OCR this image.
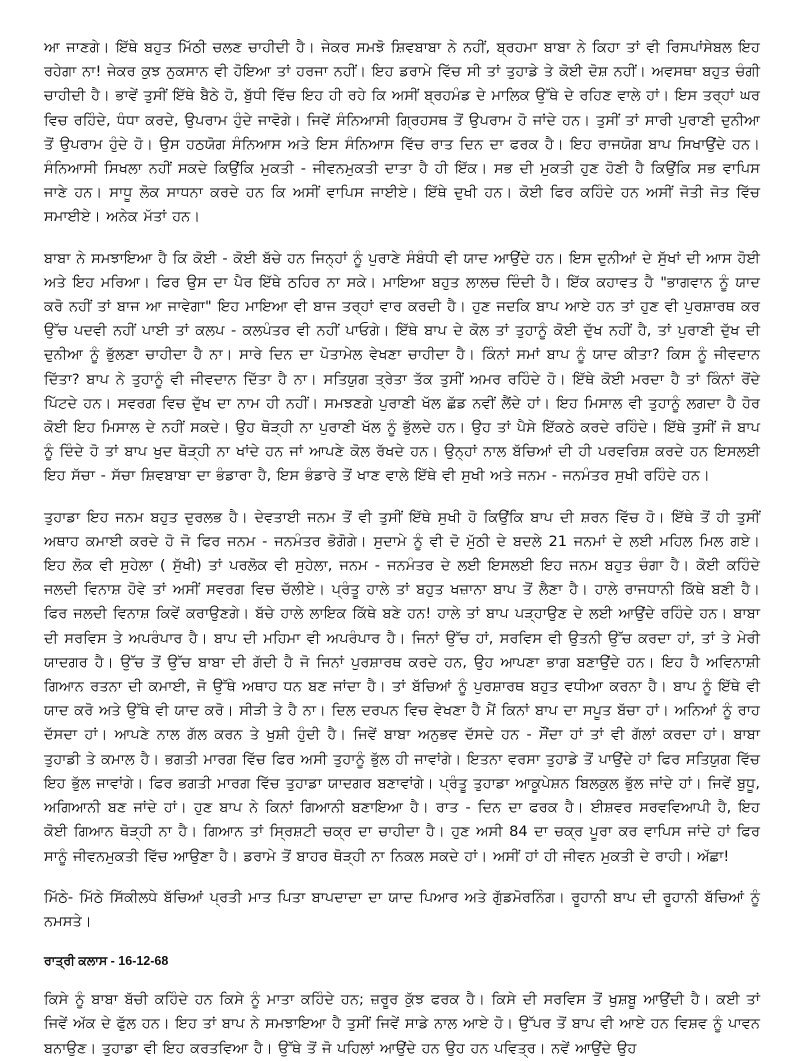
ਆ ਜਾਣਗੇ। ਇੱਥੇ ਬਹੁਤ ਮਿੱਠੀ ਚਲਣ ਚਾਹੀਦੀ ਹੈ। ਜੇਕਰ ਸਮਝੋ ਸ਼ਿਵਬਾਬਾ ਨੇ ਨਹੀਂ, ਬ੍ਰਹਮਾ ਬਾਬਾ ਨੇ ਕਿਹਾ ਤਾਂ ਵੀ ਰਿਸਪਾਂਸੇਬਲ ਇਹ ਰਹੇਗਾ ਨਾ! ਜੇਕਰ ਕੁਝ ਨੁਕਸਾਨ ਵੀ ਹੋਇਆ ਤਾਂ ਹਰਜਾ ਨਹੀਂ। ਇਹ ਡਰਾਮੇ ਵਿੱਚ ਸੀ ਤਾਂ ਤੁਹਾਡੇ ਤੇ ਕੋਈ ਦੋਸ਼ ਨਹੀਂ। ਅਵਸਥਾ ਬਹੁਤ ਚੰਗੀ ਚਾਹੀਦੀ ਹੈ। ਭਾਵੇਂ ਤੁਸੀਂ ਇੱਥੇ ਬੈਠੇ ਹੋ, ਬੁੱਧੀ ਵਿੱਚ ਇਹ ਹੀ ਰਹੇ ਕਿ ਅਸੀਂ ਬ੍ਰਹਮੰਡ ਦੇ ਮਾਲਿਕ ਉੱਥੇ ਦੇ ਰਹਿਣ ਵਾਲੇ ਹਾਂ। ਇਸ ਤਰ੍ਹਾਂ ਘਰ ਵਿਚ ਰਹਿੰਦੇ, ਧੰਧਾ ਕਰਦੇ, ਉਪਰਾਮ ਹੁੰਦੇ ਜਾਵੋਗੇ। ਜਿਵੇਂ ਸੰਨਿਆਸੀ ਗ੍ਰਿਹਸਥ ਤੋਂ ਉਪਰਾਮ ਹੋ ਜਾਂਦੇ ਹਨ। ਤੁਸੀਂ ਤਾਂ ਸਾਰੀ ਪੁਰਾਣੀ ਦੁਨੀਆ ਤੋਂ ਉਪਰਾਮ ਹੁੰਦੇ ਹੋ। ਉਸ ਹਠਯੋਗ ਸੰਨਿਆਸ ਅਤੇ ਇਸ ਸੰਨਿਆਸ ਵਿੱਚ ਰਾਤ ਦਿਨ ਦਾ ਫਰਕ ਹੈ। ਇਹ ਰਾਜਯੋਗ ਬਾਪ ਸਿਖਾਉਂਦੇ ਹਨ। ਸੰਨਿਆਸੀ ਸਿਖਲਾ ਨਹੀਂ ਸਕਦੇ ਕਿਉਂਕਿ ਮੁਕਤੀ - ਜੀਵਨਮੁਕਤੀ ਦਾਤਾ ਹੈ ਹੀ ਇੱਕ। ਸਭ ਦੀ ਮੁਕਤੀ ਹੁਣ ਹੋਣੀ ਹੈ ਕਿਉਂਕਿ ਸਭ ਵਾਪਿਸ ਜਾਣੇ ਹਨ। ਸਾਧੂ ਲੋਕ ਸਾਧਨਾ ਕਰਦੇ ਹਨ ਕਿ ਅਸੀਂ ਵਾਪਿਸ ਜਾਈਏ। ਇੱਥੇ ਦੁਖੀ ਹਨ। ਕੋਈ ਫਿਰ ਕਹਿੰਦੇ ਹਨ ਅਸੀਂ ਜੋਤੀ ਜੋਤ ਵਿੱਚ ਸਮਾਈਏ। ਅਨੇਕ ਮੱਤਾਂ ਹਨ।

ਬਾਬਾ ਨੇ ਸਮਝਾਇਆ ਹੈ ਕਿ ਕੋਈ - ਕੋਈ ਬੱਚੇ ਹਨ ਜਿਨ੍ਹਾਂ ਨੂੰ ਪੁਰਾਣੇ ਸੰਬੰਧੀ ਵੀ ਯਾਦ ਆਉਂਦੇ ਹਨ। ਇਸ ਦੁਨੀਆਂ ਦੇ ਸੁੱਖਾਂ ਦੀ ਆਸ ਹੋਈ ਅਤੇ ਇਹ ਮਰਿਆ। ਫਿਰ ਉਸ ਦਾ ਪੈਰ ਇੱਥੇ ਠਹਿਰ ਨਾ ਸਕੇ। ਮਾਇਆ ਬਹੁਤ ਲਾਲਚ ਦਿੰਦੀ ਹੈ। ਇੱਕ ਕਹਾਵਤ ਹੈ "ਭਾਗਵਾਨ ਨੂੰ ਯਾਦ ਕਰੋ ਨਹੀਂ ਤਾਂ ਬਾਜ ਆ ਜਾਵੇਗਾ" ਇਹ ਮਾਇਆ ਵੀ ਬਾਜ ਤਰ੍ਹਾਂ ਵਾਰ ਕਰਦੀ ਹੈ। ਹੁਣ ਜਦਕਿ ਬਾਪ ਆਏ ਹਨ ਤਾਂ ਹੁਣ ਵੀ ਪੁਰਸ਼ਾਰਥ ਕਰ ਉੱਚ ਪਦਵੀ ਨਹੀਂ ਪਾਈ ਤਾਂ ਕਲਪ - ਕਲਪੰਤਰ ਵੀ ਨਹੀਂ ਪਾਓਗੇ। ਇੱਥੇ ਬਾਪ ਦੇ ਕੋਲ ਤਾਂ ਤੁਹਾਨੂੰ ਕੋਈ ਦੁੱਖ ਨਹੀਂ ਹੈ, ਤਾਂ ਪੁਰਾਣੀ ਦੁੱਖ ਦੀ ਦੁਨੀਆ ਨੂੰ ਭੁੱਲਣਾ ਚਾਹੀਦਾ ਹੈ ਨਾ। ਸਾਰੇ ਦਿਨ ਦਾ ਪੋਤਾਮੇਲ ਵੇਖਣਾ ਚਾਹੀਦਾ ਹੈ। ਕਿੰਨਾਂ ਸਮਾਂ ਬਾਪ ਨੂੰ ਯਾਦ ਕੀਤਾ? ਕਿਸ ਨੂੰ ਜੀਵਦਾਨ ਦਿੱਤਾ? ਬਾਪ ਨੇ ਤੁਹਾਨੂੰ ਵੀ ਜੀਵਦਾਨ ਦਿੱਤਾ ਹੈ ਨਾ। ਸਤਿਯੁਗ ਤ੍ਰੇਤਾ ਤੱਕ ਤੁਸੀਂ ਅਮਰ ਰਹਿੰਦੇ ਹੋ। ਇੱਥੇ ਕੋਈ ਮਰਦਾ ਹੈ ਤਾਂ ਕਿੰਨਾਂ ਰੋਂਦੇ ਪਿੱਟਦੇ ਹਨ। ਸਵਰਗ ਵਿਚ ਦੁੱਖ ਦਾ ਨਾਮ ਹੀ ਨਹੀਂ। ਸਮਝਣਗੇ ਪੁਰਾਣੀ ਖੱਲ ਛੱਡ ਨਵੀਂ ਲੈਂਦੇ ਹਾਂ। ਇਹ ਮਿਸਾਲ ਵੀ ਤੁਹਾਨੂੰ ਲਗਦਾ ਹੈ ਹੋਰ ਕੋਈ ਇਹ ਮਿਸਾਲ ਦੇ ਨਹੀਂ ਸਕਦੇ। ਉਹ ਥੋੜ੍ਹੀ ਨਾ ਪੁਰਾਣੀ ਖੱਲ ਨੂੰ ਭੁੱਲਦੇ ਹਨ। ਉਹ ਤਾਂ ਪੈਸੇ ਇੱਕਠੇ ਕਰਦੇ ਰਹਿੰਦੇ। ਇੱਥੇ ਤੁਸੀਂ ਜੋ ਬਾਪ ਨੂੰ ਦਿੰਦੇ ਹੋ ਤਾਂ ਬਾਪ ਖੁਦ ਥੋੜ੍ਹੀ ਨਾ ਖਾਂਦੇ ਹਨ ਜਾਂ ਆਪਣੇ ਕੋਲ ਰੱਖਦੇ ਹਨ। ਉਨ੍ਹਾਂ ਨਾਲ ਬੱਚਿਆਂ ਦੀ ਹੀ ਪਰਵਰਿਸ਼ ਕਰਦੇ ਹਨ ਇਸਲਈ ਇਹ ਸੱਚਾ - ਸੱਚਾ ਸ਼ਿਵਬਾਬਾ ਦਾ ਭੰਡਾਰਾ ਹੈ, ਇਸ ਭੰਡਾਰੇ ਤੋਂ ਖਾਣ ਵਾਲੇ ਇੱਥੇ ਵੀ ਸੁਖੀ ਅਤੇ ਜਨਮ - ਜਨਮੰਤਰ ਸੁਖੀ ਰਹਿੰਦੇ ਹਨ।

ਤੁਹਾਡਾ ਇਹ ਜਨਮ ਬਹੁਤ ਦੁਰਲਭ ਹੈ। ਦੇਵਤਾਈ ਜਨਮ ਤੋਂ ਵੀ ਤੁਸੀਂ ਇੱਥੇ ਸੁਖੀ ਹੋ ਕਿਉਂਕਿ ਬਾਪ ਦੀ ਸ਼ਰਨ ਵਿੱਚ ਹੋ। ਇੱਥੇ ਤੋਂ ਹੀ ਤੁਸੀਂ ਅਥਾਹ ਕਮਾਈ ਕਰਦੇ ਹੋ ਜੋ ਫਿਰ ਜਨਮ - ਜਨਮੰਤਰ ਭੋਗੋਗੇ। ਸੁਦਾਮੇ ਨੂੰ ਵੀ ਦੋ ਮੁੱਠੀ ਦੇ ਬਦਲੇ 21 ਜਨਮਾਂ ਦੇ ਲਈ ਮਹਿਲ ਮਿਲ ਗਏ। ਇਹ ਲੋਕ ਵੀ ਸੁਹੇਲਾ ( ਸੁੱਖੀ) ਤਾਂ ਪਰਲੋਕ ਵੀ ਸੁਹੇਲਾ, ਜਨਮ - ਜਨਮੰਤਰ ਦੇ ਲਈ ਇਸਲਈ ਇਹ ਜਨਮ ਬਹੁਤ ਚੰਗਾ ਹੈ। ਕੋਈ ਕਹਿੰਦੇ ਜਲਦੀ ਵਿਨਾਸ਼ ਹੋਵੇ ਤਾਂ ਅਸੀਂ ਸਵਰਗ ਵਿਚ ਚੱਲੀਏ। ਪ੍ਰੰਤੂ ਹਾਲੇ ਤਾਂ ਬਹੁਤ ਖਜ਼ਾਨਾ ਬਾਪ ਤੋਂ ਲੈਣਾ ਹੈ। ਹਾਲੇ ਰਾਜਧਾਨੀ ਕਿੱਥੇ ਬਣੀ ਹੈ। ਫਿਰ ਜਲਦੀ ਵਿਨਾਸ਼ ਕਿਵੇਂ ਕਰਾਉਣਗੇ। ਬੱਚੇ ਹਾਲੇ ਲਾਇਕ ਕਿੱਥੇ ਬਣੇ ਹਨ! ਹਾਲੇ ਤਾਂ ਬਾਪ ਪੜ੍ਹਾਉਣ ਦੇ ਲਈ ਆਉਂਦੇ ਰਹਿੰਦੇ ਹਨ। ਬਾਬਾ ਦੀ ਸਰਵਿਸ ਤੇ ਅਪਰੰਪਾਰ ਹੈ। ਬਾਪ ਦੀ ਮਹਿਮਾ ਵੀ ਅਪਰੰਪਾਰ ਹੈ। ਜਿਨਾਂ ਉੱਚ ਹਾਂ, ਸਰਵਿਸ ਵੀ ਉਤਨੀ ਉੱਚ ਕਰਦਾ ਹਾਂ, ਤਾਂ ਤੇ ਮੇਰੀ ਯਾਦਗਰ ਹੈ। ਉੱਚ ਤੋਂ ਉੱਚ ਬਾਬਾ ਦੀ ਗੱਦੀ ਹੈ ਜੋ ਜਿਨਾਂ ਪੁਰਸ਼ਾਰਥ ਕਰਦੇ ਹਨ, ਉਹ ਆਪਣਾ ਭਾਗ ਬਣਾਉਂਦੇ ਹਨ। ਇਹ ਹੈ ਅਵਿਨਾਸ਼ੀ ਗਿਆਨ ਰਤਨਾ ਦੀ ਕਮਾਈ, ਜੋ ਉੱਥੇ ਅਥਾਹ ਧਨ ਬਣ ਜਾਂਦਾ ਹੈ। ਤਾਂ ਬੱਚਿਆਂ ਨੂੰ ਪੁਰਸ਼ਾਰਥ ਬਹੁਤ ਵਧੀਆ ਕਰਨਾ ਹੈ। ਬਾਪ ਨੂੰ ਇੱਥੇ ਵੀ ਯਾਦ ਕਰੋ ਅਤੇ ਉੱਥੇ ਵੀ ਯਾਦ ਕਰੋ। ਸੀੜੀ ਤੇ ਹੈ ਨਾ। ਦਿਲ ਦਰਪਨ ਵਿਚ ਵੇਖਣਾ ਹੈ ਮੈਂ ਕਿਨਾਂ ਬਾਪ ਦਾ ਸਪੂਤ ਬੱਚਾ ਹਾਂ। ਅਨਿਆਂ ਨੂੰ ਰਾਹ ਦੱਸਦਾ ਹਾਂ। ਆਪਣੇ ਨਾਲ ਗੱਲ ਕਰਨ ਤੇ ਖੁਸ਼ੀ ਹੁੰਦੀ ਹੈ। ਜਿਵੇਂ ਬਾਬਾ ਅਨੁਭਵ ਦੱਸਦੇ ਹਨ - ਸੌਂਦਾ ਹਾਂ ਤਾਂ ਵੀ ਗੱਲਾਂ ਕਰਦਾ ਹਾਂ। ਬਾਬਾ ਤੁਹਾਡੀ ਤੇ ਕਮਾਲ ਹੈ। ਭਗਤੀ ਮਾਰਗ ਵਿੱਚ ਫਿਰ ਅਸੀ ਤੁਹਾਨੂੰ ਭੁੱਲ ਹੀ ਜਾਵਾਂਗੇ। ਇਤਨਾ ਵਰਸਾ ਤੁਹਾਡੇ ਤੋਂ ਪਾਉਂਦੇ ਹਾਂ ਫਿਰ ਸਤਿਯੁਗ ਵਿੱਚ ਇਹ ਭੁੱਲ ਜਾਵਾਂਗੇ। ਫਿਰ ਭਗਤੀ ਮਾਰਗ ਵਿੱਚ ਤੁਹਾਡਾ ਯਾਦਗਰ ਬਣਾਵਾਂਗੇ। ਪ੍ਰੰਤੂ ਤੁਹਾਡਾ ਆਕੂਪੇਸ਼ਨ ਬਿਲਕੁਲ ਭੁੱਲ ਜਾਂਦੇ ਹਾਂ। ਜਿਵੇਂ ਬੁਧੂ, ਅਗਿਆਨੀ ਬਣ ਜਾਂਦੇ ਹਾਂ। ਹੁਣ ਬਾਪ ਨੇ ਕਿਨਾਂ ਗਿਆਨੀ ਬਣਾਇਆ ਹੈ। ਰਾਤ - ਦਿਨ ਦਾ ਫਰਕ ਹੈ। ਈਸ਼ਵਰ ਸਰਵਵਿਆਪੀ ਹੈ, ਇਹ ਕੋਈ ਗਿਆਨ ਥੋੜ੍ਹੀ ਨਾ ਹੈ। ਗਿਆਨ ਤਾਂ ਸ੍ਰਿਸ਼ਟੀ ਚਕ੍ਰ ਦਾ ਚਾਹੀਦਾ ਹੈ। ਹੁਣ ਅਸੀ 84 ਦਾ ਚਕ੍ਰ ਪੂਰਾ ਕਰ ਵਾਪਿਸ ਜਾਂਦੇ ਹਾਂ ਫਿਰ ਸਾਨੂੰ ਜੀਵਨਮੁਕਤੀ ਵਿੱਚ ਆਉਣਾ ਹੈ। ਡਰਾਮੇ ਤੋਂ ਬਾਹਰ ਥੋੜ੍ਹੀ ਨਾ ਨਿਕਲ ਸਕਦੇ ਹਾਂ। ਅਸੀਂ ਹਾਂ ਹੀ ਜੀਵਨ ਮੁਕਤੀ ਦੇ ਰਾਹੀ। ਅੱਛਾ!

ਮਿੱਠੇ- ਮਿੱਠੇ ਸਿੱਕੀਲਧੇ ਬੱਚਿਆਂ ਪ੍ਰਤੀ ਮਾਤ ਪਿਤਾ ਬਾਪਦਾਦਾ ਦਾ ਯਾਦ ਪਿਆਰ ਅਤੇ ਗੁੱਡਮੋਰਨਿੰਗ। ਰੂਹਾਨੀ ਬਾਪ ਦੀ ਰੂਹਾਨੀ ਬੱਚਿਆਂ ਨੂੰ ਨਮਸਤੇ।

ਰਾਤ੍ਰੀ ਕਲਾਸ - 16-12-68

ਕਿਸੇ ਨੂੰ ਬਾਬਾ ਬੱਚੀ ਕਹਿੰਦੇ ਹਨ ਕਿਸੇ ਨੂੰ ਮਾਤਾ ਕਹਿੰਦੇ ਹਨ; ਜ਼ਰੂਰ ਕੁੱਝ ਫਰਕ ਹੈ। ਕਿਸੇ ਦੀ ਸਰਵਿਸ ਤੋਂ ਖੁਸ਼ਬੂ ਆਉਂਦੀ ਹੈ। ਕਈ ਤਾਂ ਜਿਵੇਂ ਅੱਕ ਦੇ ਫੁੱਲ ਹਨ। ਇਹ ਤਾਂ ਬਾਪ ਨੇ ਸਮਝਾਇਆ ਹੈ ਤੁਸੀਂ ਜਿਵੇਂ ਸਾਡੇ ਨਾਲ ਆਏ ਹੋ। ਉੱਪਰ ਤੋਂ ਬਾਪ ਵੀ ਆਏ ਹਨ ਵਿਸ਼ਵ ਨੂੰ ਪਾਵਨ ਬਨਾਉਣ। ਤੁਹਾਡਾ ਵੀ ਇਹ ਕਰਤਵਿਆ ਹੈ। ਉੱਥੇ ਤੋਂ ਜੋ ਪਹਿਲਾਂ ਆਉਂਦੇ ਹਨ ਉਹ ਹਨ ਪਵਿਤ੍ਰ। ਨਵੇਂ ਆਉਂਦੇ ਉਹ
